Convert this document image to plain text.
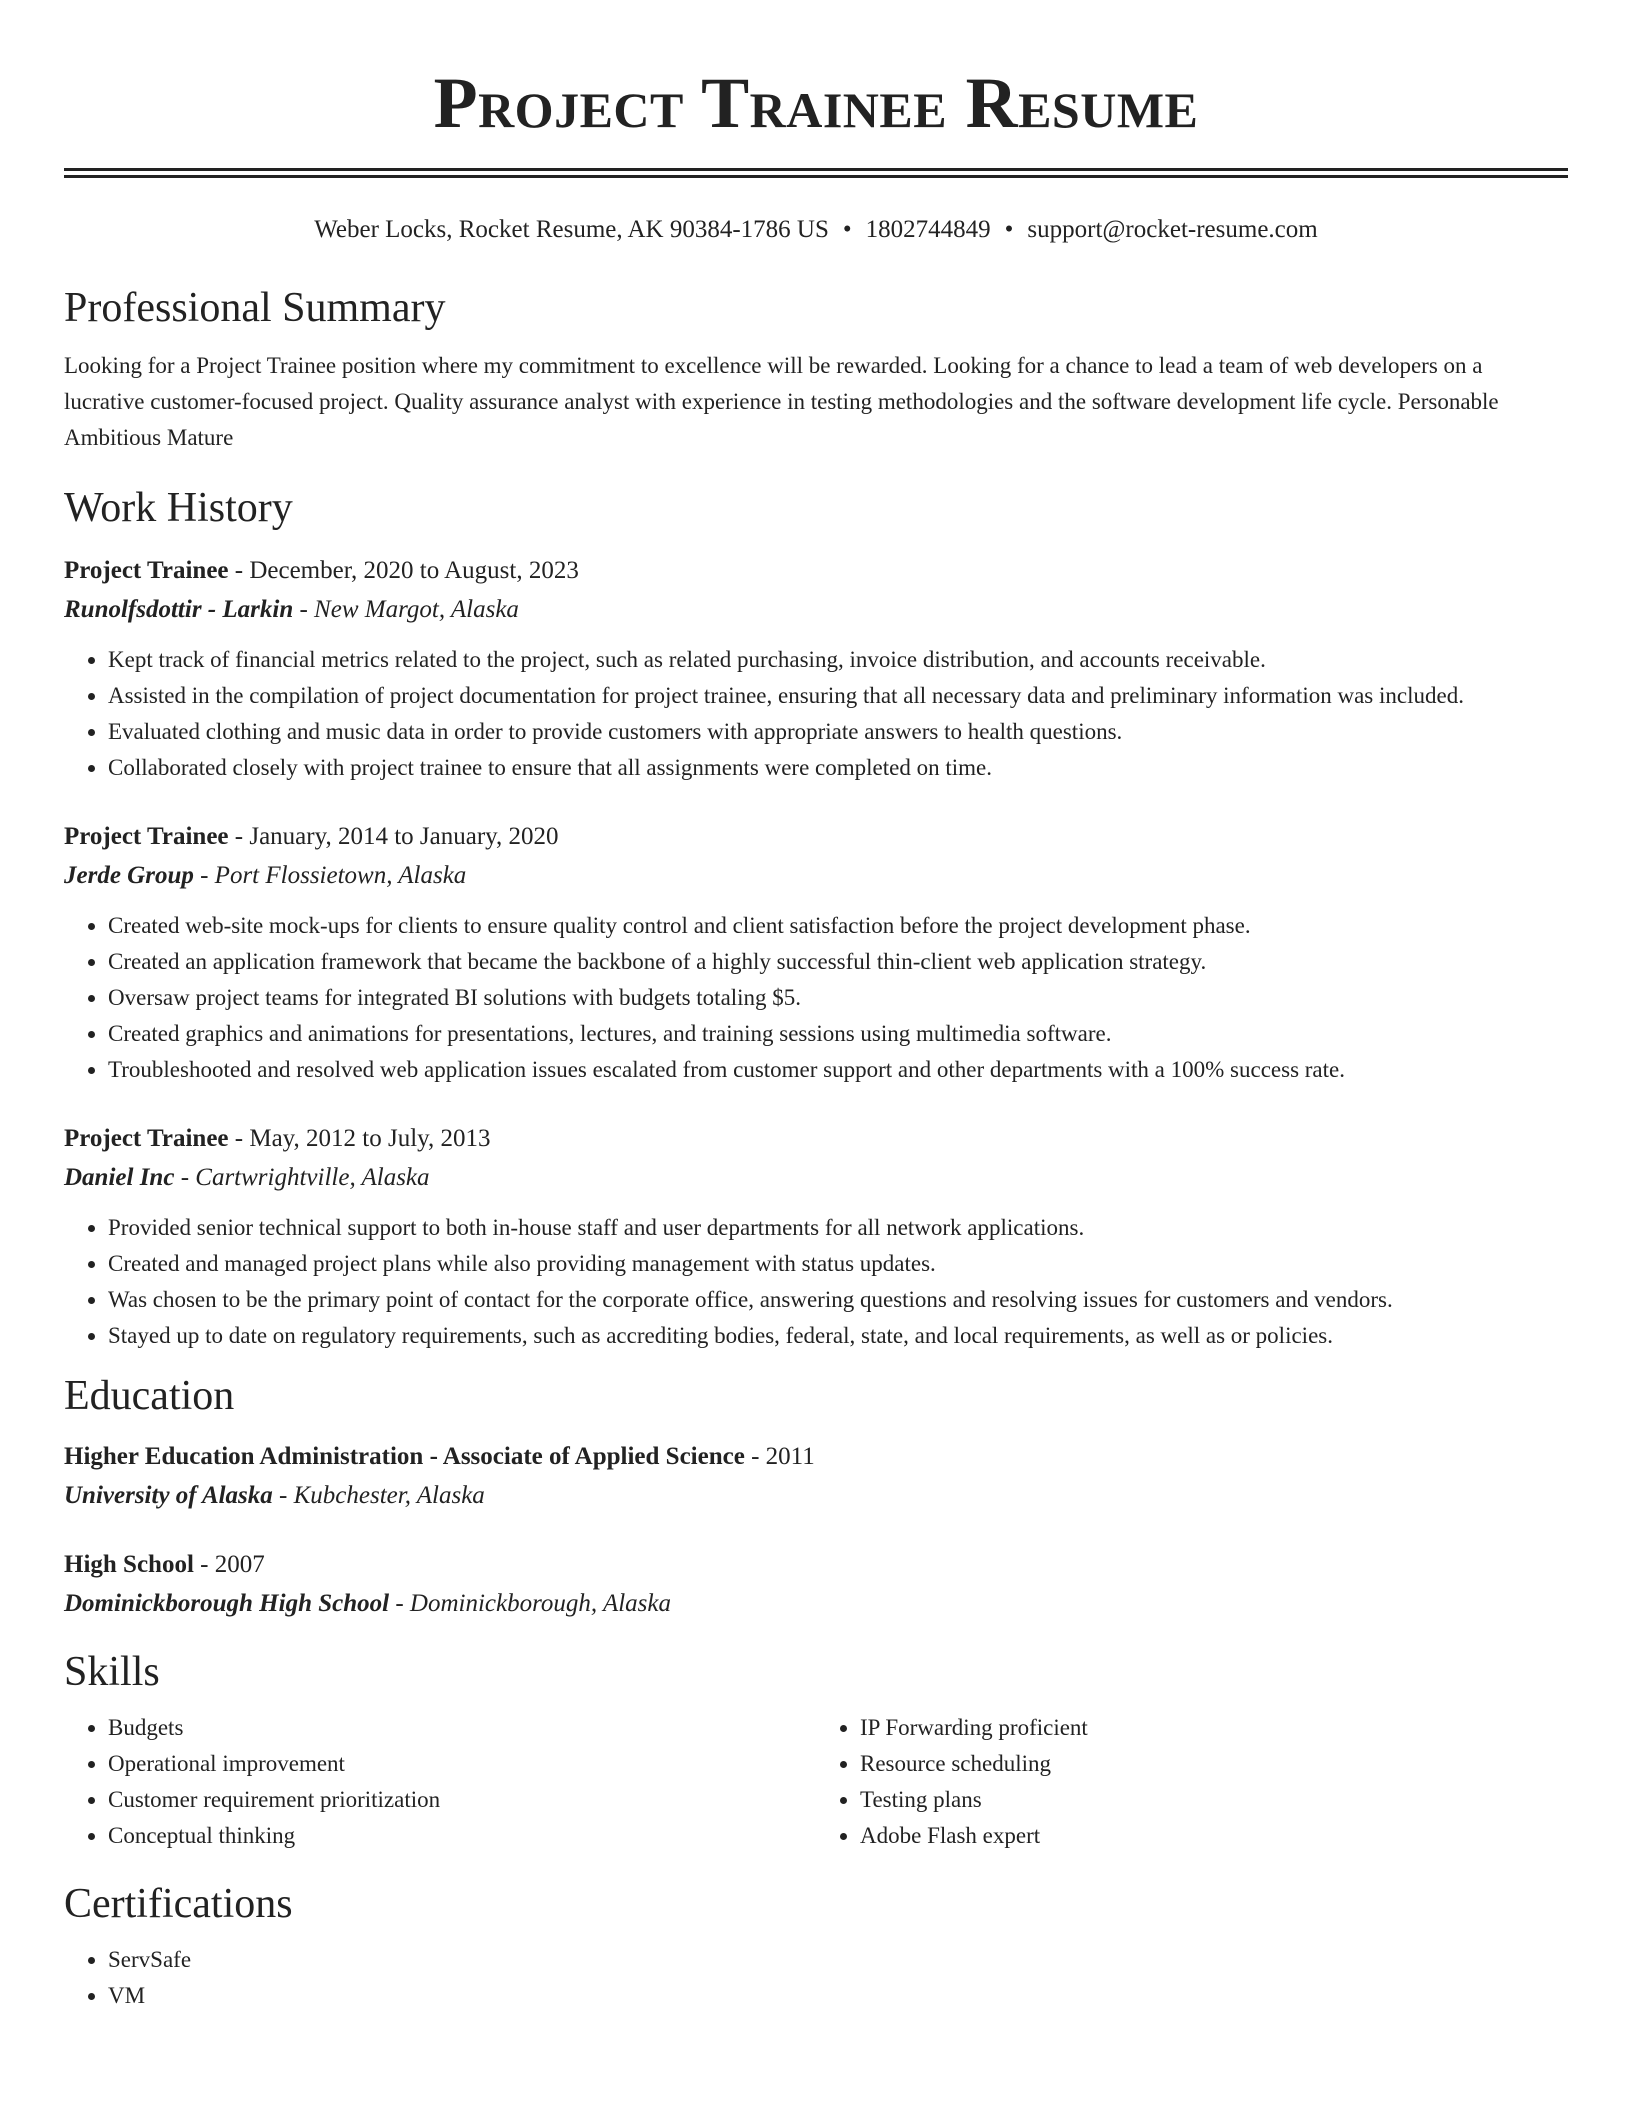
Project Trainee Resume
Weber Locks, Rocket Resume, AK 90384-1786 US • 1802744849 • support@rocket-resume.com
Professional Summary

Looking for a Project Trainee position where my commitment to excellence will be rewarded. Looking for a chance to lead a team of web developers on a lucrative customer-focused project. Quality assurance analyst with experience in testing methodologies and the software development life cycle. Personable Ambitious Mature

Work History

Project Trainee - December, 2020 to August, 2023

Runolfsdottir - Larkin - New Margot, Alaska

• Kept track of financial metrics related to the project, such as related purchasing, invoice distribution, and accounts receivable.
• Assisted in the compilation of project documentation for project trainee, ensuring that all necessary data and preliminary information was included.
• Evaluated clothing and music data in order to provide customers with appropriate answers to health questions.
• Collaborated closely with project trainee to ensure that all assignments were completed on time.

Project Trainee - January, 2014 to January, 2020

Jerde Group - Port Flossietown, Alaska

• Created web-site mock-ups for clients to ensure quality control and client satisfaction before the project development phase.
• Created an application framework that became the backbone of a highly successful thin-client web application strategy.
• Oversaw project teams for integrated BI solutions with budgets totaling $5.
• Created graphics and animations for presentations, lectures, and training sessions using multimedia software.
• Troubleshooted and resolved web application issues escalated from customer support and other departments with a 100% success rate.

Project Trainee - May, 2012 to July, 2013

Daniel Inc - Cartwrightville, Alaska

• Provided senior technical support to both in-house staff and user departments for all network applications.
• Created and managed project plans while also providing management with status updates.
• Was chosen to be the primary point of contact for the corporate office, answering questions and resolving issues for customers and vendors.
• Stayed up to date on regulatory requirements, such as accrediting bodies, federal, state, and local requirements, as well as or policies.
Education

Higher Education Administration - Associate of Applied Science - 2011

University of Alaska - Kubchester, Alaska

High School - 2007

Dominickborough High School - Dominickborough, Alaska

Skills
• Budgets
• Operational improvement
• Customer requirement prioritization
• Conceptual thinking
• IP Forwarding proficient
• Resource scheduling
• Testing plans
• Adobe Flash expert
Certifications
• ServSafe
• VM
